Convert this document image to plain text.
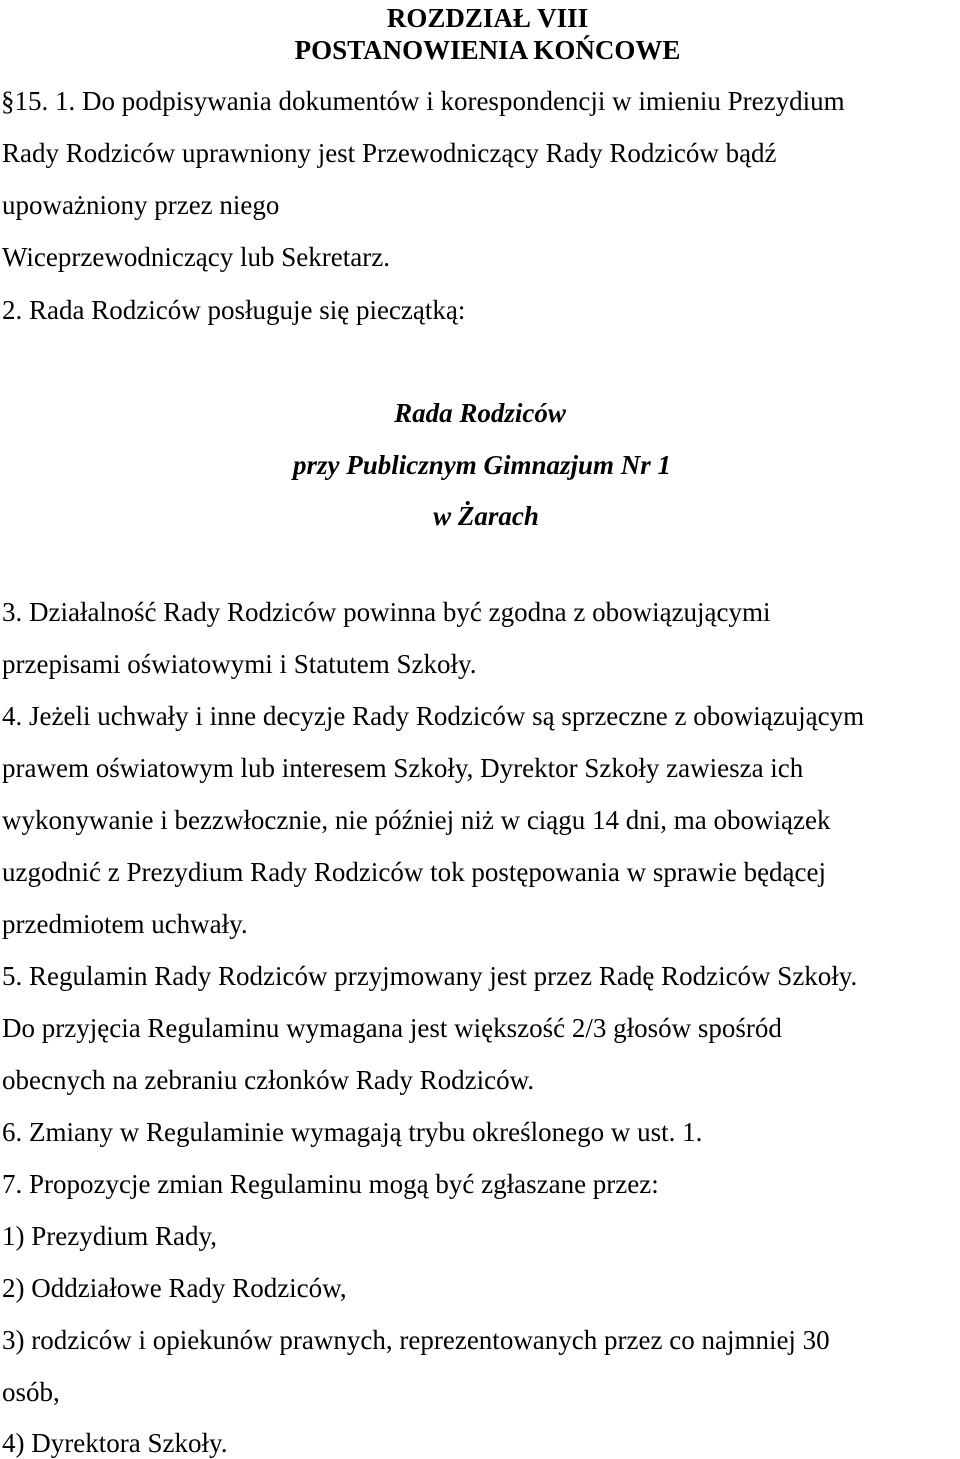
ROZDZIAŁ VIII
POSTANOWIENIA KOŃCOWE
§15. 1. Do podpisywania dokumentów i korespondencji w imieniu Prezydium
Rady Rodziców uprawniony jest Przewodniczący Rady Rodziców bądź
upoważniony przez niego
Wiceprzewodniczący lub Sekretarz.
2. Rada Rodziców posługuje się pieczątką:
Rada Rodziców
przy Publicznym Gimnazjum Nr 1
w Żarach
3. Działalność Rady Rodziców powinna być zgodna z obowiązującymi
przepisami oświatowymi i Statutem Szkoły.
4. Jeżeli uchwały i inne decyzje Rady Rodziców są sprzeczne z obowiązującym
prawem oświatowym lub interesem Szkoły, Dyrektor Szkoły zawiesza ich
wykonywanie i bezzwłocznie, nie później niż w ciągu 14 dni, ma obowiązek
uzgodnić z Prezydium Rady Rodziców tok postępowania w sprawie będącej
przedmiotem uchwały.
5. Regulamin Rady Rodziców przyjmowany jest przez Radę Rodziców Szkoły.
Do przyjęcia Regulaminu wymagana jest większość 2/3 głosów spośród
obecnych na zebraniu członków Rady Rodziców.
6. Zmiany w Regulaminie wymagają trybu określonego w ust. 1.
7. Propozycje zmian Regulaminu mogą być zgłaszane przez:
1) Prezydium Rady,
2) Oddziałowe Rady Rodziców,
3) rodziców i opiekunów prawnych, reprezentowanych przez co najmniej 30
osób,
4) Dyrektora Szkoły.
